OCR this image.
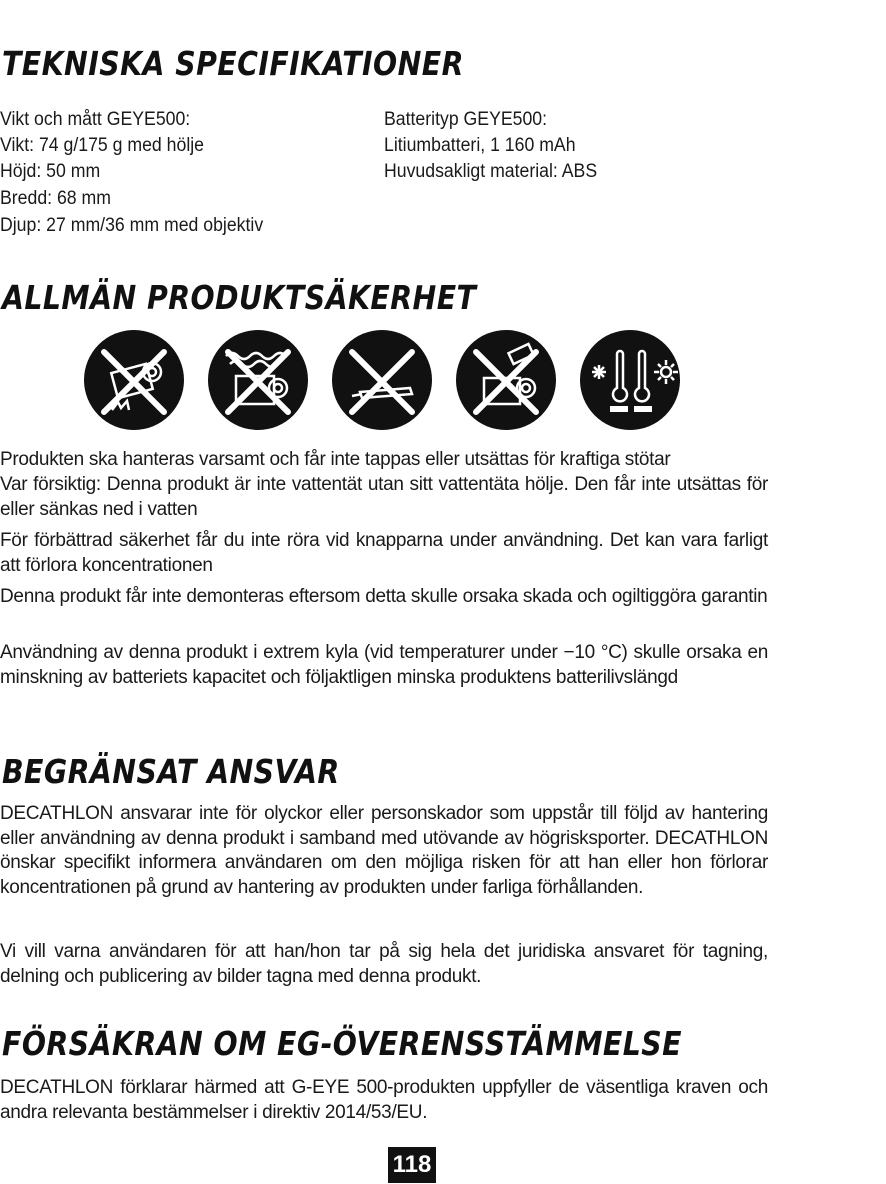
TEKNISKA SPECIFIKATIONER
Vikt och mått GEYE500:
Vikt: 74 g/175 g med hölje
Höjd: 50 mm
Bredd: 68 mm
Djup: 27 mm/36 mm med objektiv
Batterityp GEYE500:
Litiumbatteri, 1 160 mAh
Huvudsakligt material: ABS
ALLMÄN PRODUKTSÄKERHET

Produkten ska hanteras varsamt och får inte tappas eller utsättas för kraftiga stötar

Var försiktig: Denna produkt är inte vattentät utan sitt vattentäta hölje. Den får inte utsättas för eller sänkas ned i vatten

För förbättrad säkerhet får du inte röra vid knapparna under användning. Det kan vara farligt att förlora koncentrationen

Denna produkt får inte demonteras eftersom detta skulle orsaka skada och ogiltiggöra garantin

Användning av denna produkt i extrem kyla (vid temperaturer under −10 °C) skulle orsaka en minskning av batteriets kapacitet och följaktligen minska produktens batterilivslängd

BEGRÄNSAT ANSVAR

DECATHLON ansvarar inte för olyckor eller personskador som uppstår till följd av hantering eller användning av denna produkt i samband med utövande av högrisksporter. DECATHLON önskar specifikt informera användaren om den möjliga risken för att han eller hon förlorar koncentrationen på grund av hantering av produkten under farliga förhållanden.

Vi vill varna användaren för att han/hon tar på sig hela det juridiska ansvaret för tagning, delning och publicering av bilder tagna med denna produkt.

FÖRSÄKRAN OM EG-ÖVERENSSTÄMMELSE

DECATHLON förklarar härmed att G-EYE 500-produkten uppfyller de väsentliga kraven och andra relevanta bestämmelser i direktiv 2014/53/EU.

118
